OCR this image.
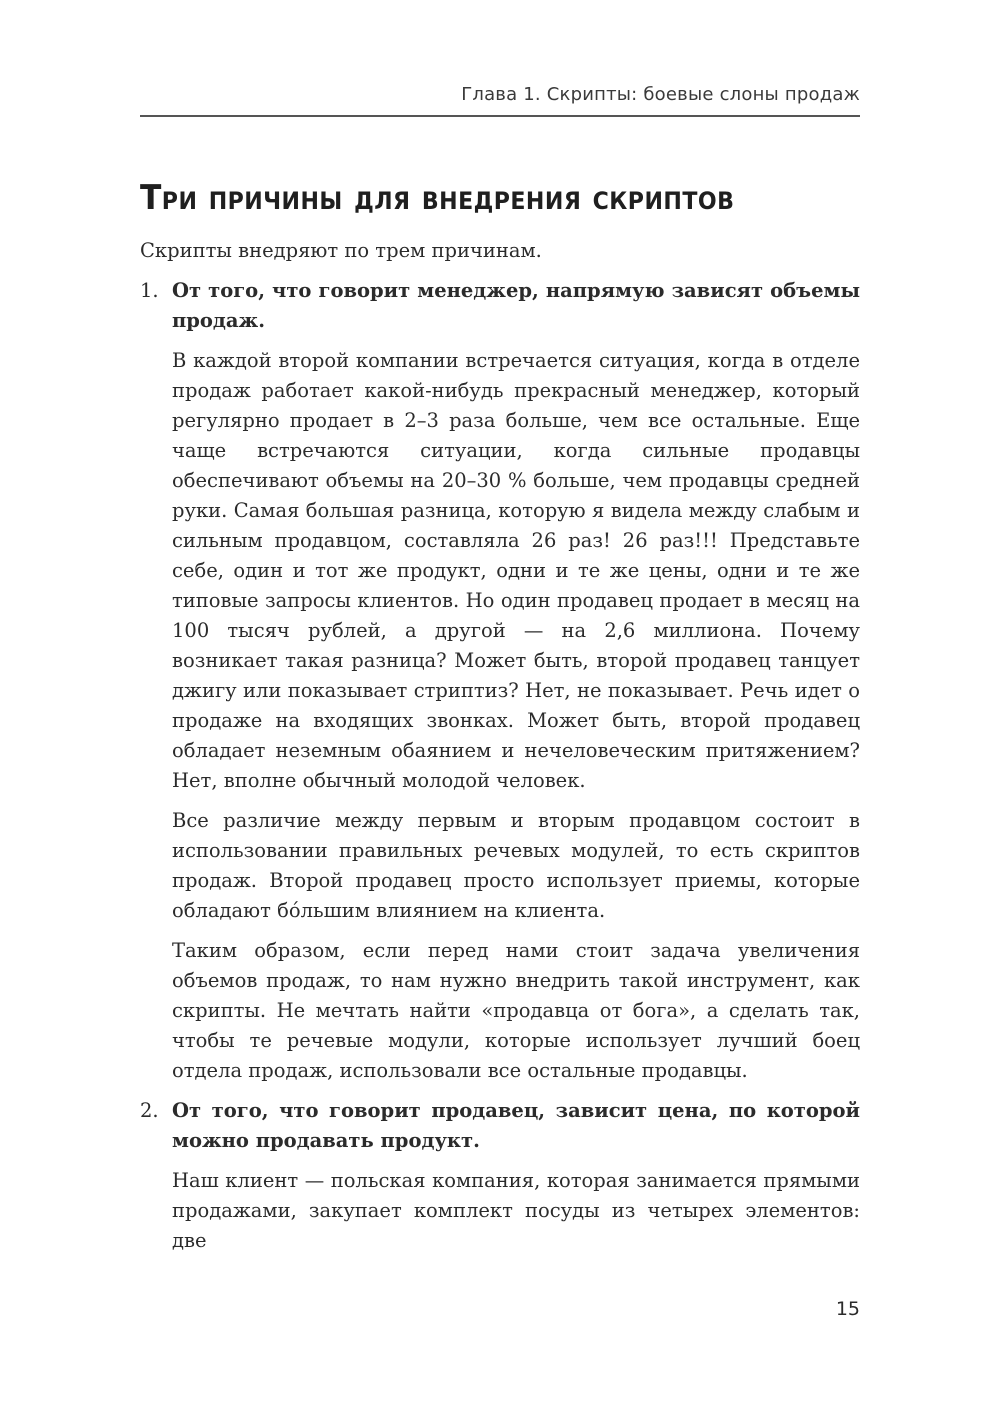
Глава 1. Скрипты: боевые слоны продаж
Три причины для внедрения скриптов

Скрипты внедряют по трем причинам.

1. От того, что говорит менеджер, напрямую зависят объемы продаж.

В каждой второй компании встречается ситуация, когда в отделе продаж работает какой-нибудь прекрасный менеджер, который регулярно продает в 2–3 раза больше, чем все остальные. Еще чаще встречаются ситуации, когда сильные продавцы обеспечивают объемы на 20–30 % больше, чем продавцы средней руки. Самая большая разница, которую я видела между слабым и сильным продавцом, составляла 26 раз! 26 раз!!! Представьте себе, один и тот же продукт, одни и те же цены, одни и те же типовые запросы клиентов. Но один продавец продает в месяц на 100 тысяч рублей, а другой — на 2,6 миллиона. Почему возникает такая разница? Может быть, второй продавец танцует джигу или показывает стриптиз? Нет, не показывает. Речь идет о продаже на входящих звонках. Может быть, второй продавец обладает неземным обаянием и нечеловеческим притяжением? Нет, вполне обычный молодой человек.

Все различие между первым и вторым продавцом состоит в использовании правильных речевых модулей, то есть скриптов продаж. Второй продавец просто использует приемы, которые обладают бóльшим влиянием на клиента.

Таким образом, если перед нами стоит задача увеличения объемов продаж, то нам нужно внедрить такой инструмент, как скрипты. Не мечтать найти «продавца от бога», а сделать так, чтобы те речевые модули, которые использует лучший боец отдела продаж, использовали все остальные продавцы.

2. От того, что говорит продавец, зависит цена, по которой можно продавать продукт.

Наш клиент — польская компания, которая занимается прямыми продажами, закупает комплект посуды из четырех элементов: две

15
